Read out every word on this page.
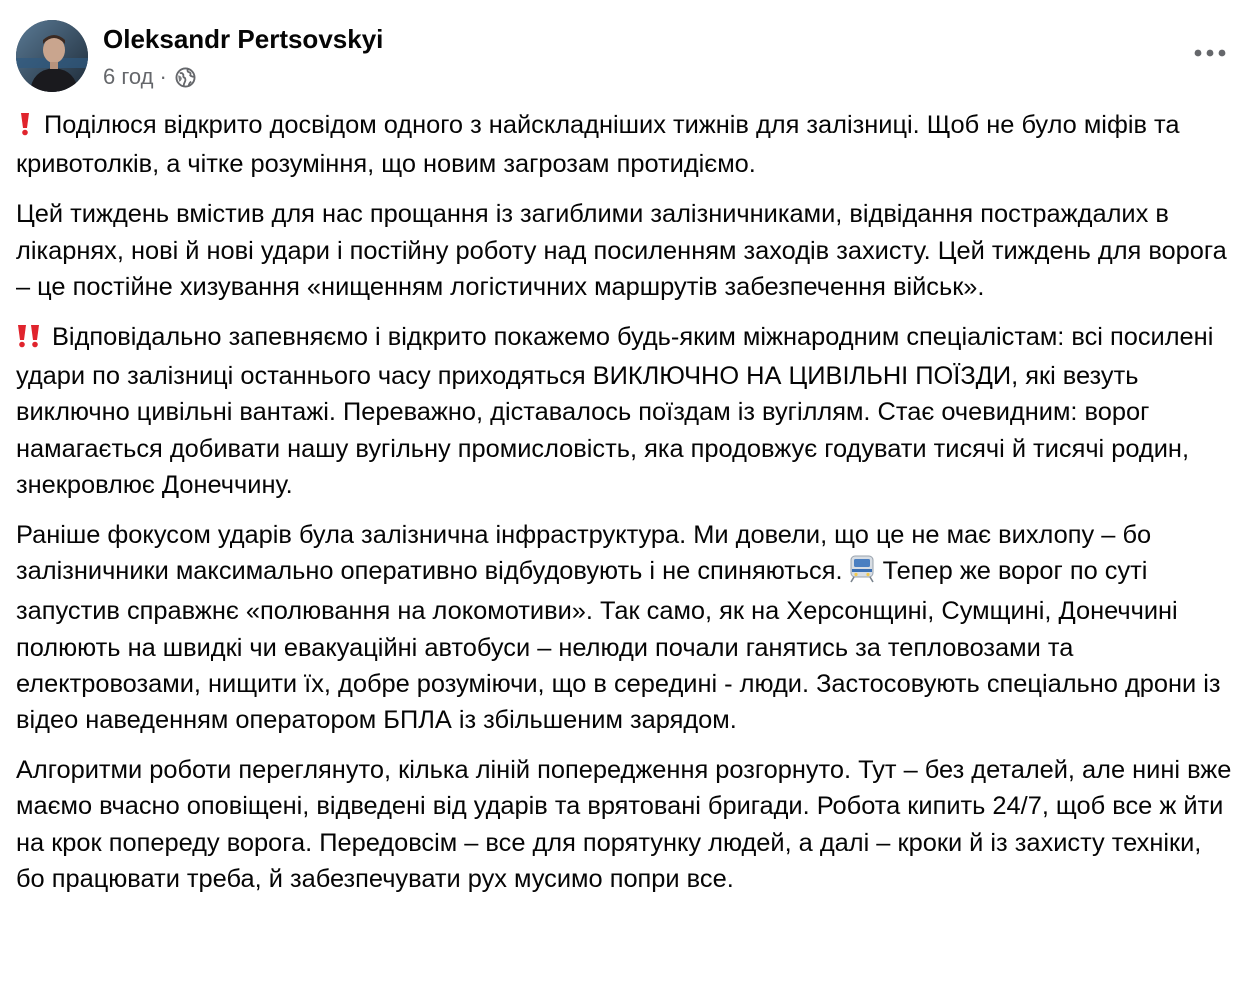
Oleksandr Pertsovskyi
6 год ·

Поділюся відкрито досвідом одного з найскладніших тижнів для залізниці. Щоб не було міфів та кривотолків, а чітке розуміння, що новим загрозам протидіємо.

Цей тиждень вмістив для нас прощання із загиблими залізничниками, відвідання постраждалих в лікарнях, нові й нові удари і постійну роботу над посиленням заходів захисту. Цей тиждень для ворога – це постійне хизування «нищенням логістичних маршрутів забезпечення військ».

Відповідально запевняємо і відкрито покажемо будь-яким міжнародним спеціалістам: всі посилені удари по залізниці останнього часу приходяться ВИКЛЮЧНО НА ЦИВІЛЬНІ ПОЇЗДИ, які везуть виключно цивільні вантажі. Переважно, діставалось поїздам із вугіллям. Стає очевидним: ворог намагається добивати нашу вугільну промисловість, яка продовжує годувати тисячі й тисячі родин, знекровлює Донеччину.

Раніше фокусом ударів була залізнична інфраструктура. Ми довели, що це не має вихлопу – бо залізничники максимально оперативно відбудовують і не спиняються. Тепер же ворог по суті запустив справжнє «полювання на локомотиви». Так само, як на Херсонщині, Сумщині, Донеччині полюють на швидкі чи евакуаційні автобуси – нелюди почали ганятись за тепловозами та електровозами, нищити їх, добре розуміючи, що в середині - люди. Застосовують спеціально дрони із відео наведенням оператором БПЛА із збільшеним зарядом.

Алгоритми роботи переглянуто, кілька ліній попередження розгорнуто. Тут – без деталей, але нині вже маємо вчасно оповіщені, відведені від ударів та врятовані бригади. Робота кипить 24/7, щоб все ж йти на крок попереду ворога. Передовсім – все для порятунку людей, а далі – кроки й із захисту техніки, бо працювати треба, й забезпечувати рух мусимо попри все.
